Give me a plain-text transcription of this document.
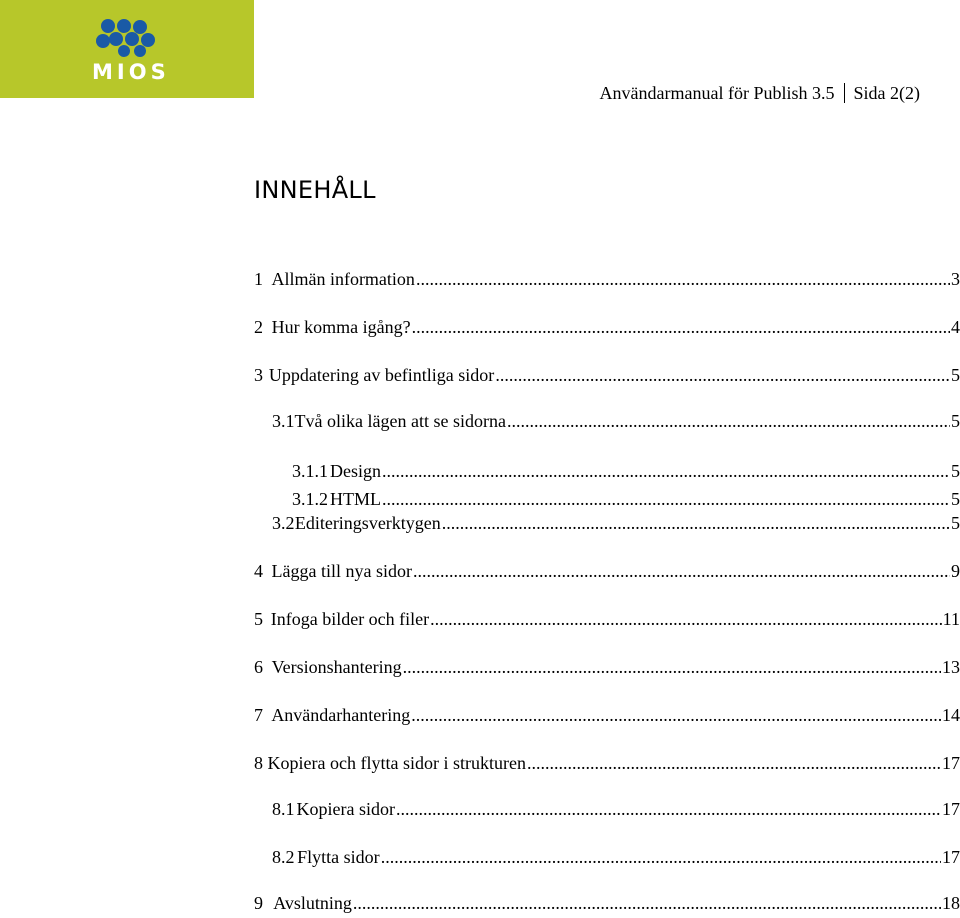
MIOS
Användarmanual för Publish 3.5 Sida 2(2)
INNEHÅLL
1 Allmän information .....	3
2 Hur komma igång? .....	4
3 Uppdatering av befintliga sidor .....	5
3.1 Två olika lägen att se sidorna .....	5
3.1.1 Design .....	5
3.1.2 HTML .....	5
3.2 Editeringsverktygen .....	5
4 Lägga till nya sidor .....	9
5 Infoga bilder och filer .....	11
6 Versionshantering .....	13
7 Användarhantering .....	14
8 Kopiera och flytta sidor i strukturen .....	17
8.1 Kopiera sidor .....	17
8.2 Flytta sidor .....	17
9 Avslutning .....	18
